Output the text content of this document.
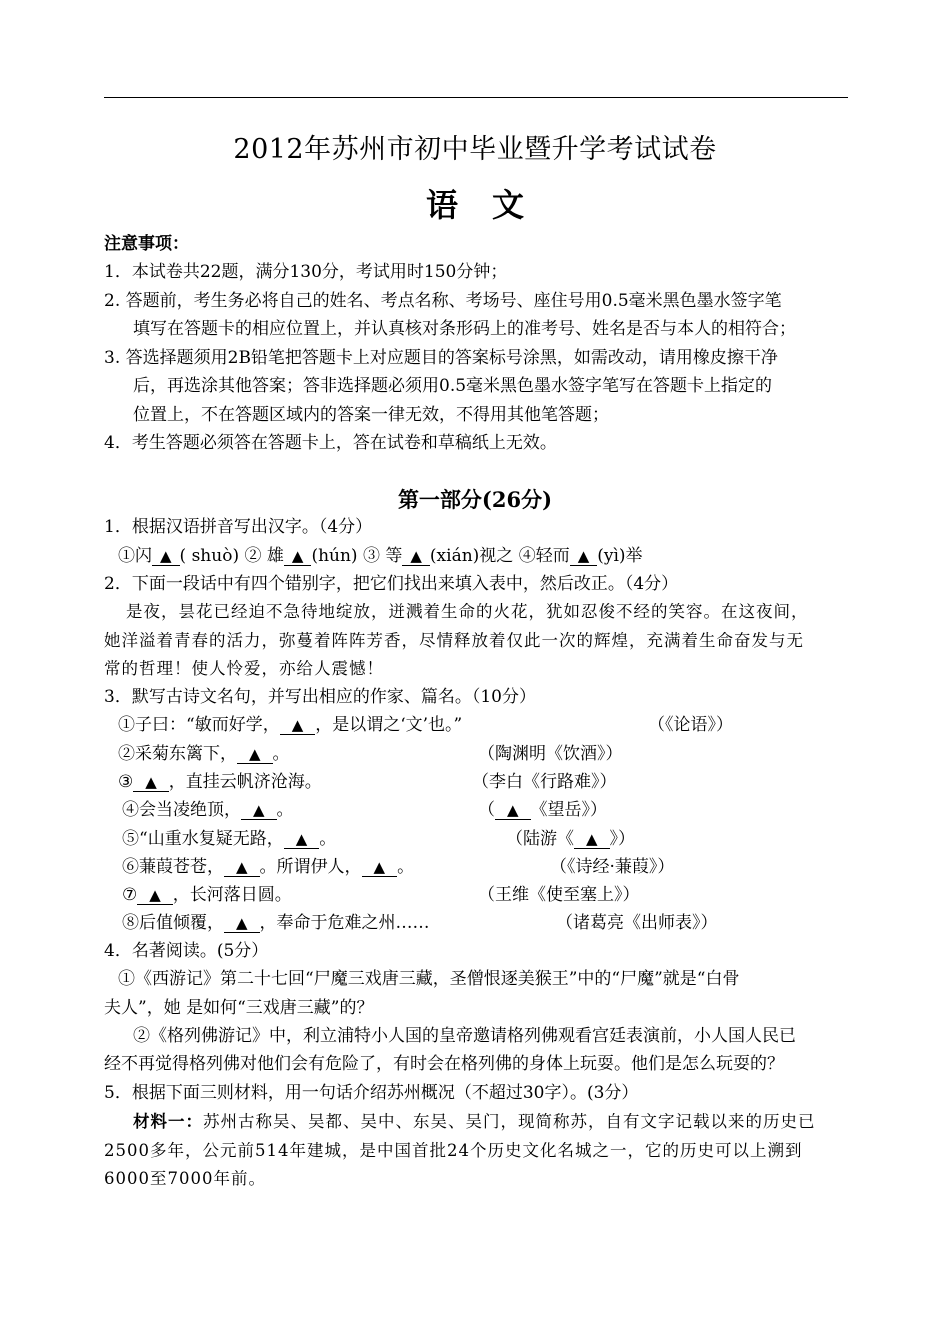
2012年苏州市初中毕业暨升学考试试卷
语文
注意事项：
1．本试卷共22题，满分130分，考试用时150分钟；
2. 答题前，考生务必将自己的姓名、考点名称、考场号、座住号用0.5毫米黑色墨水签字笔
填写在答题卡的相应位置上，并认真核对条形码上的准考号、姓名是否与本人的相符合；
3. 答选择题须用2B铅笔把答题卡上对应题目的答案标号涂黑，如需改动，请用橡皮擦干净
后，再选涂其他答案；答非选择题必须用0.5毫米黑色墨水签字笔写在答题卡上指定的
位置上，不在答题区域内的答案一律无效，不得用其他笔答题；
4．考生答题必须答在答题卡上，答在试卷和草稿纸上无效。
第一部分(26分)
1．根据汉语拼音写出汉字。（4分）
①闪 ▲ ( shuò) ② 雄 ▲ (hún) ③ 等 ▲ (xián)视之 ④轻而 ▲ (yì)举
2．下面一段话中有四个错别字，把它们找出来填入表中，然后改正。（4分）
是夜，昙花已经迫不急待地绽放，迸溅着生命的火花，犹如忍俊不经的笑容。在这夜间，
她洋溢着青春的活力，弥蔓着阵阵芳香，尽情释放着仅此一次的辉煌，充满着生命奋发与无
常的哲理！使人怜爱，亦给人震憾！
3．默写古诗文名句，并写出相应的作家、篇名。（10分）
①子曰：“敏而好学， ▲ ，是以谓之‘文’也。”	（《论语》）
②采菊东篱下， ▲ 。	（陶渊明《饮酒》）
③ ▲ ，直挂云帆济沧海。	（李白《行路难》）
④会当凌绝顶， ▲ 。	（ ▲ 《望岳》）
⑤“山重水复疑无路， ▲ 。	（陆游《 ▲ 》）
⑥蒹葭苍苍， ▲ 。所谓伊人， ▲ 。	（《诗经·蒹葭》）
⑦ ▲ ，长河落日圆。	（王维《使至塞上》）
⑧后值倾覆， ▲ ，奉命于危难之州……	（诸葛亮《出师表》）
4．名著阅读。(5分）
①《西游记》第二十七回“尸魔三戏唐三藏，圣僧恨逐美猴王”中的“尸魔”就是“白骨
夫人”，她 是如何“三戏唐三藏”的？
②《格列佛游记》中，利立浦特小人国的皇帝邀请格列佛观看宫廷表演前，小人国人民已
经不再觉得格列佛对他们会有危险了，有时会在格列佛的身体上玩耍。他们是怎么玩耍的？
5．根据下面三则材料，用一句话介绍苏州概况（不超过30字）。(3分）
材料一：苏州古称吴、吴都、吴中、东吴、吴门，现简称苏，自有文字记载以来的历史已
2500多年，公元前514年建城，是中国首批24个历史文化名城之一，它的历史可以上溯到
6000至7000年前。
